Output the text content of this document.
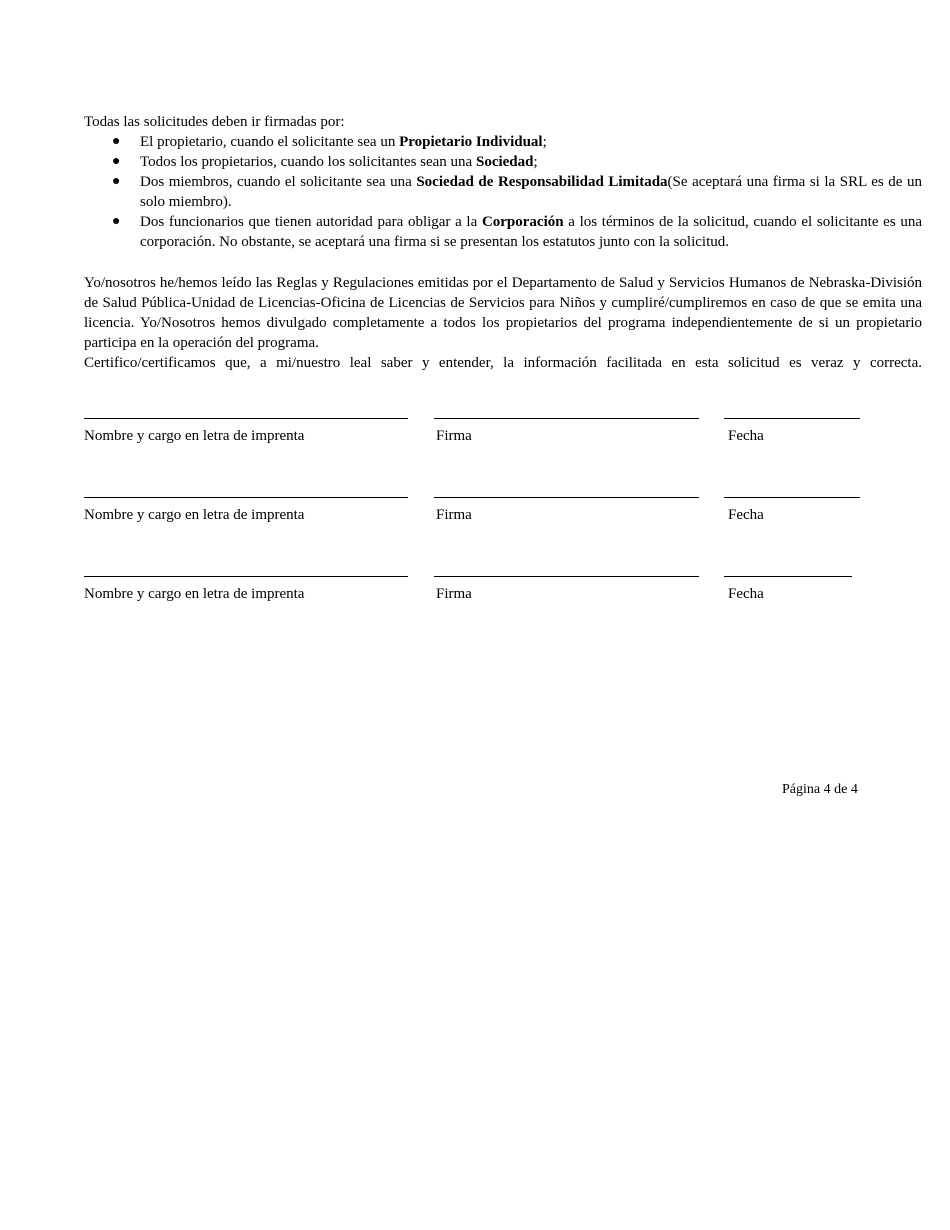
Todas las solicitudes deben ir firmadas por:

● El propietario, cuando el solicitante sea un Propietario Individual;
● Todos los propietarios, cuando los solicitantes sean una Sociedad;
● Dos miembros, cuando el solicitante sea una Sociedad de Responsabilidad Limitada(Se aceptará una firma si la SRL es de un solo miembro).
● Dos funcionarios que tienen autoridad para obligar a la Corporación a los términos de la solicitud, cuando el solicitante es una corporación. No obstante, se aceptará una firma si se presentan los estatutos junto con la solicitud.

Yo/nosotros he/hemos leído las Reglas y Regulaciones emitidas por el Departamento de Salud y Servicios Humanos de Nebraska-División de Salud Pública-Unidad de Licencias-Oficina de Licencias de Servicios para Niños y cumpliré/cumpliremos en caso de que se emita una licencia. Yo/Nosotros hemos divulgado completamente a todos los propietarios del programa independientemente de si un propietario participa en la operación del programa.
Certifico/certificamos que, a mi/nuestro leal saber y entender, la información facilitada en esta solicitud es veraz y correcta.

Nombre y cargo en letra de imprenta	Firma	Fecha
Nombre y cargo en letra de imprenta	Firma	Fecha
Nombre y cargo en letra de imprenta	Firma	Fecha
Página 4 de 4
